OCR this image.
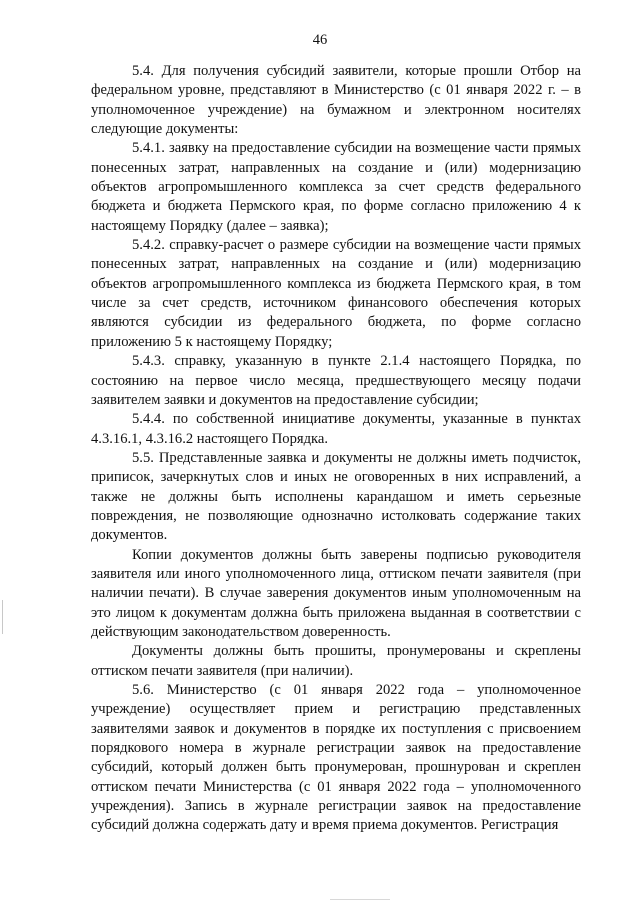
46

5.4. Для получения субсидий заявители, которые прошли Отбор на федеральном уровне, представляют в Министерство (с 01 января 2022 г. – в уполномоченное учреждение) на бумажном и электронном носителях следующие документы:

5.4.1. заявку на предоставление субсидии на возмещение части прямых понесенных затрат, направленных на создание и (или) модернизацию объектов агропромышленного комплекса за счет средств федерального бюджета и бюджета Пермского края, по форме согласно приложению 4 к настоящему Порядку (далее – заявка);

5.4.2. справку-расчет о размере субсидии на возмещение части прямых понесенных затрат, направленных на создание и (или) модернизацию объектов агропромышленного комплекса из бюджета Пермского края, в том числе за счет средств, источником финансового обеспечения которых являются субсидии из федерального бюджета, по форме согласно приложению 5 к настоящему Порядку;

5.4.3. справку, указанную в пункте 2.1.4 настоящего Порядка, по состоянию на первое число месяца, предшествующего месяцу подачи заявителем заявки и документов на предоставление субсидии;

5.4.4. по собственной инициативе документы, указанные в пунктах 4.3.16.1, 4.3.16.2 настоящего Порядка.

5.5. Представленные заявка и документы не должны иметь подчисток, приписок, зачеркнутых слов и иных не оговоренных в них исправлений, а также не должны быть исполнены карандашом и иметь серьезные повреждения, не позволяющие однозначно истолковать содержание таких документов.

Копии документов должны быть заверены подписью руководителя заявителя или иного уполномоченного лица, оттиском печати заявителя (при наличии печати). В случае заверения документов иным уполномоченным на это лицом к документам должна быть приложена выданная в соответствии с действующим законодательством доверенность.

Документы должны быть прошиты, пронумерованы и скреплены оттиском печати заявителя (при наличии).

5.6. Министерство (с 01 января 2022 года – уполномоченное учреждение) осуществляет прием и регистрацию представленных заявителями заявок и документов в порядке их поступления с присвоением порядкового номера в журнале регистрации заявок на предоставление субсидий, который должен быть пронумерован, прошнурован и скреплен оттиском печати Министерства (с 01 января 2022 года – уполномоченного учреждения). Запись в журнале регистрации заявок на предоставление субсидий должна содержать дату и время приема документов. Регистрация
